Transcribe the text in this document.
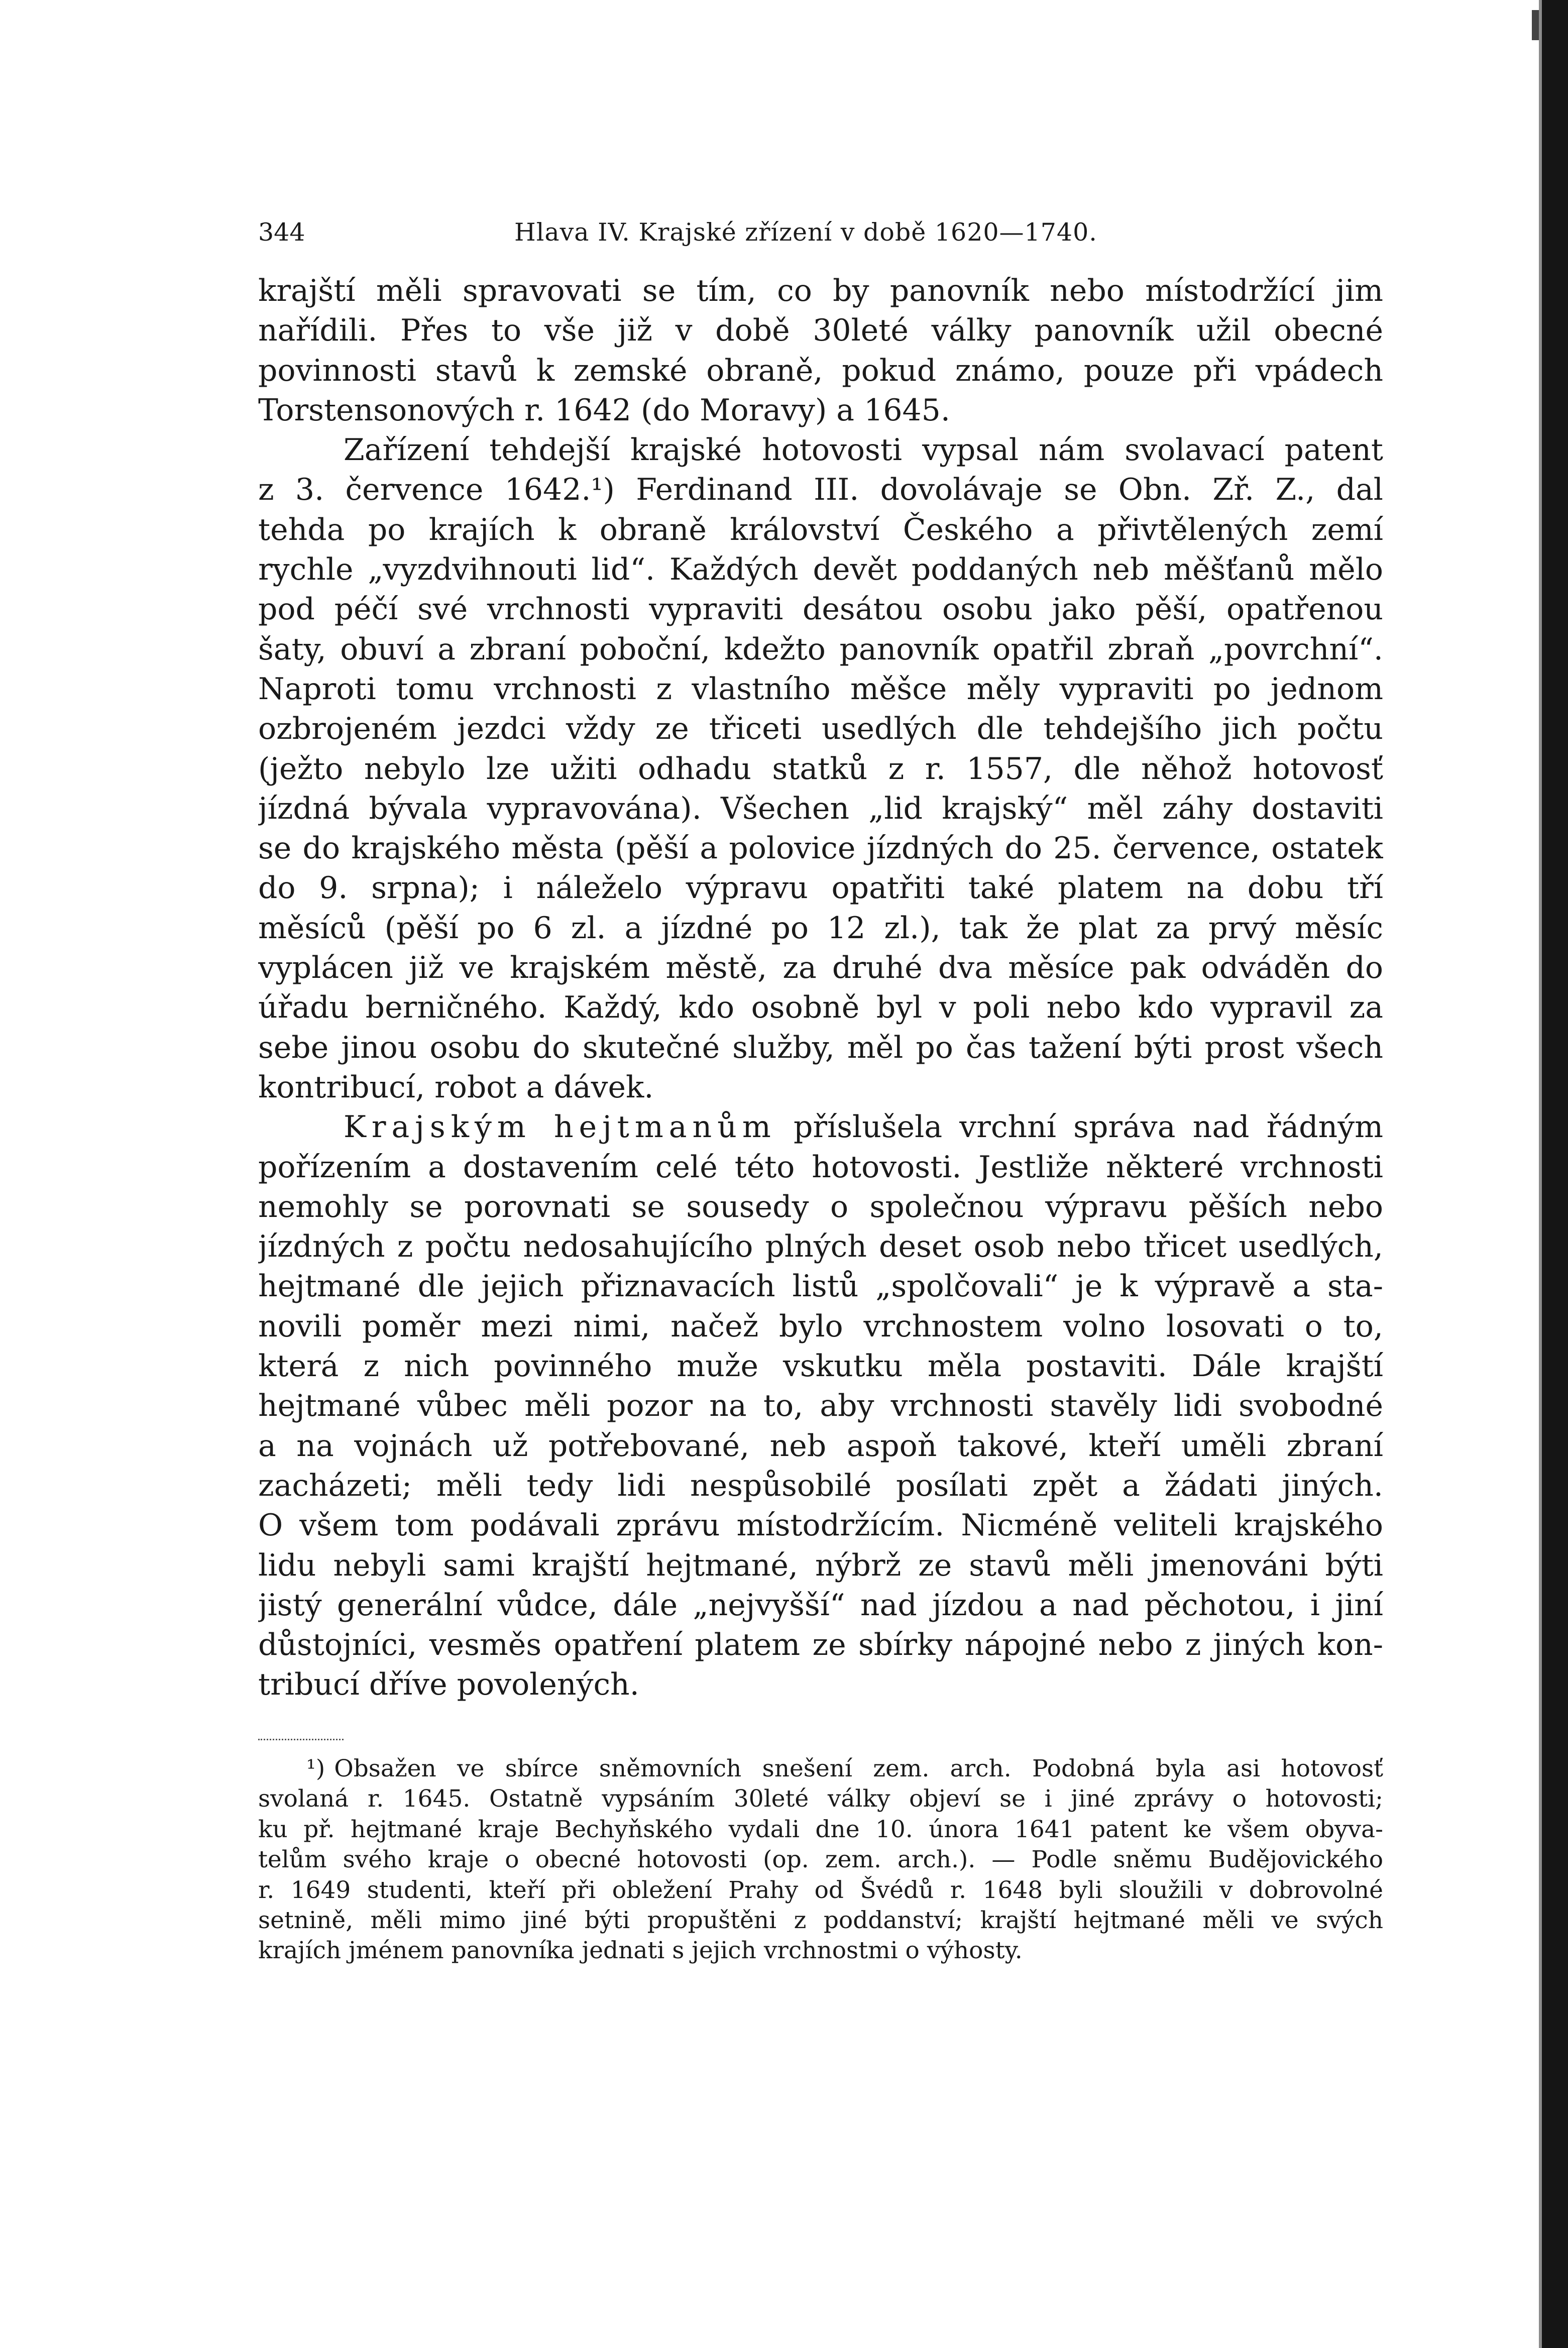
344	Hlava IV. Krajské zřízení v době 1620—1740.
krajští měli spravovati se tím, co by panovník nebo místodržící jim
nařídili. Přes to vše již v době 30leté války panovník užil obecné
povinnosti stavů k zemské obraně, pokud známo, pouze při vpádech
Torstensonových r. 1642 (do Moravy) a 1645.
Zařízení tehdejší krajské hotovosti vypsal nám svolavací patent
z 3. července 1642.¹) Ferdinand III. dovolávaje se Obn. Zř. Z., dal
tehda po krajích k obraně království Českého a přivtělených zemí
rychle „vyzdvihnouti lid“. Každých devět poddaných neb měšťanů mělo
pod péčí své vrchnosti vypraviti desátou osobu jako pěší, opatřenou
šaty, obuví a zbraní poboční, kdežto panovník opatřil zbraň „povrchní“.
Naproti tomu vrchnosti z vlastního měšce měly vypraviti po jednom
ozbrojeném jezdci vždy ze třiceti usedlých dle tehdejšího jich počtu
(ježto nebylo lze užiti odhadu statků z r. 1557, dle něhož hotovosť
jízdná bývala vypravována). Všechen „lid krajský“ měl záhy dostaviti
se do krajského města (pěší a polovice jízdných do 25. července, ostatek
do 9. srpna); i náleželo výpravu opatřiti také platem na dobu tří
měsíců (pěší po 6 zl. a jízdné po 12 zl.), tak že plat za prvý měsíc
vyplácen již ve krajském městě, za druhé dva měsíce pak odváděn do
úřadu berničného. Každý, kdo osobně byl v poli nebo kdo vypravil za
sebe jinou osobu do skutečné služby, měl po čas tažení býti prost všech
kontribucí, robot a dávek.
Krajským hejtmanům příslušela vrchní správa nad řádným
pořízením a dostavením celé této hotovosti. Jestliže některé vrchnosti
nemohly se porovnati se sousedy o společnou výpravu pěších nebo
jízdných z počtu nedosahujícího plných deset osob nebo třicet usedlých,
hejtmané dle jejich přiznavacích listů „spolčovali“ je k výpravě a sta-
novili poměr mezi nimi, načež bylo vrchnostem volno losovati o to,
která z nich povinného muže vskutku měla postaviti. Dále krajští
hejtmané vůbec měli pozor na to, aby vrchnosti stavěly lidi svobodné
a na vojnách už potřebované, neb aspoň takové, kteří uměli zbraní
zacházeti; měli tedy lidi nespůsobilé posílati zpět a žádati jiných.
O všem tom podávali zprávu místodržícím. Nicméně veliteli krajského
lidu nebyli sami krajští hejtmané, nýbrž ze stavů měli jmenováni býti
jistý generální vůdce, dále „nejvyšší“ nad jízdou a nad pěchotou, i jiní
důstojníci, vesměs opatření platem ze sbírky nápojné nebo z jiných kon-
tribucí dříve povolených.
¹) Obsažen ve sbírce sněmovních snešení zem. arch. Podobná byla asi hotovosť
svolaná r. 1645. Ostatně vypsáním 30leté války objeví se i jiné zprávy o hotovosti;
ku př. hejtmané kraje Bechyňského vydali dne 10. února 1641 patent ke všem obyva-
telům svého kraje o obecné hotovosti (op. zem. arch.). — Podle sněmu Budějovického
r. 1649 studenti, kteří při obležení Prahy od Švédů r. 1648 byli sloužili v dobrovolné
setnině, měli mimo jiné býti propuštěni z poddanství; krajští hejtmané měli ve svých
krajích jménem panovníka jednati s jejich vrchnostmi o výhosty.
